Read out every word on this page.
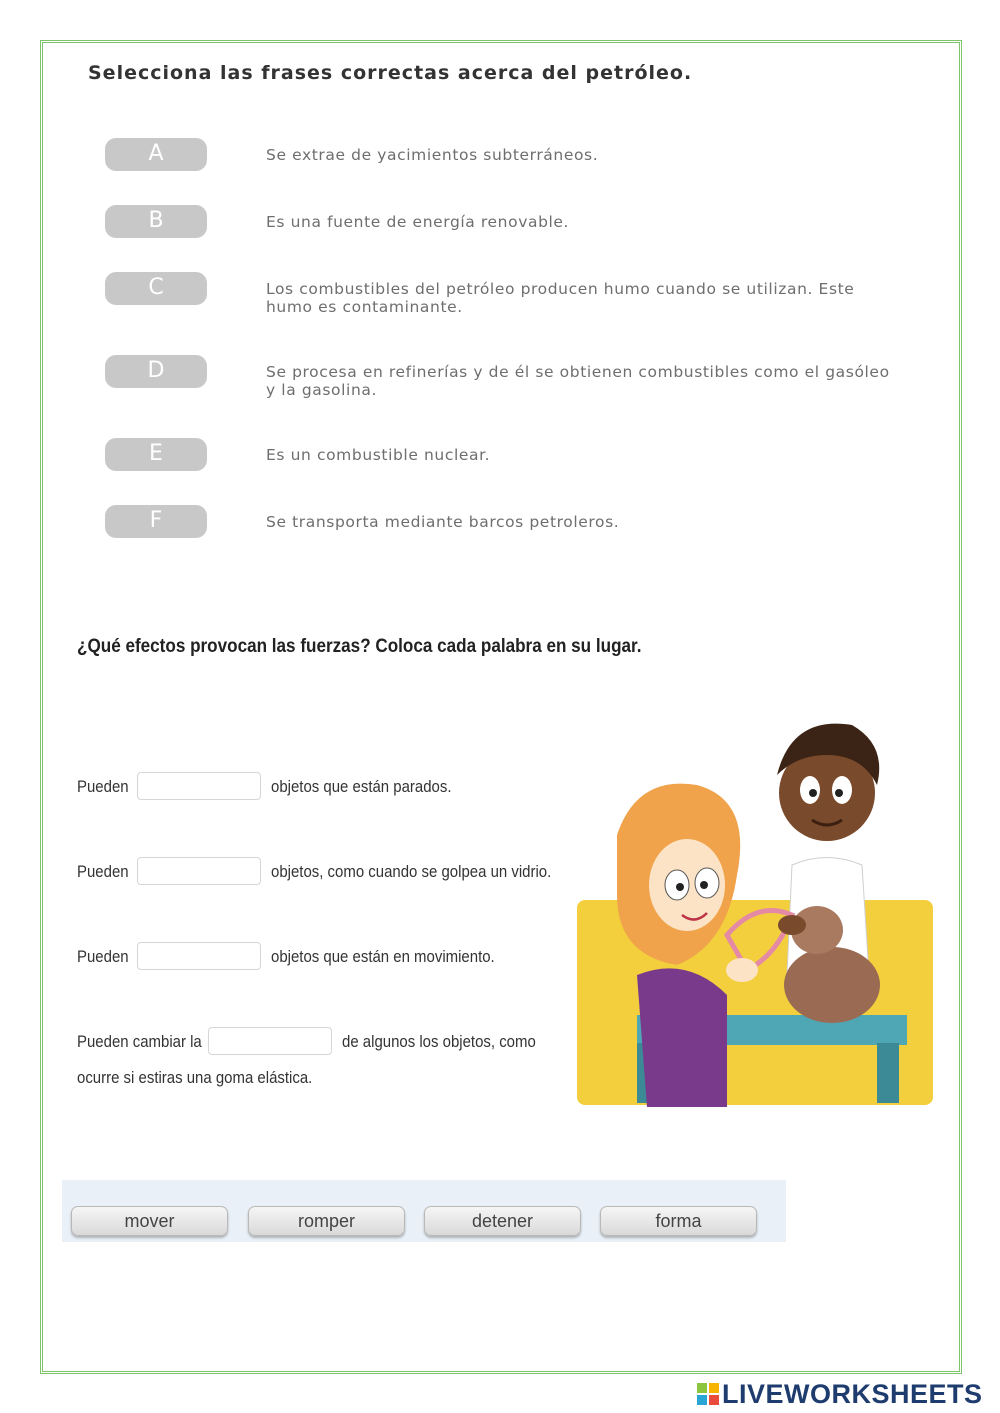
Selecciona las frases correctas acerca del petróleo.
A	Se extrae de yacimientos subterráneos.
B	Es una fuente de energía renovable.
C	Los combustibles del petróleo producen humo cuando se utilizan. Este humo es contaminante.
D	Se procesa en refinerías y de él se obtienen combustibles como el gasóleo y la gasolina.
E	Es un combustible nuclear.
F	Se transporta mediante barcos petroleros.
¿Qué efectos provocan las fuerzas? Coloca cada palabra en su lugar.
Pueden	objetos que están parados.
Pueden	objetos, como cuando se golpea un vidrio.
Pueden	objetos que están en movimiento.
Pueden cambiar la	de algunos los objetos, como
ocurre si estiras una goma elástica.
mover	romper	detener	forma
LIVEWORKSHEETS
